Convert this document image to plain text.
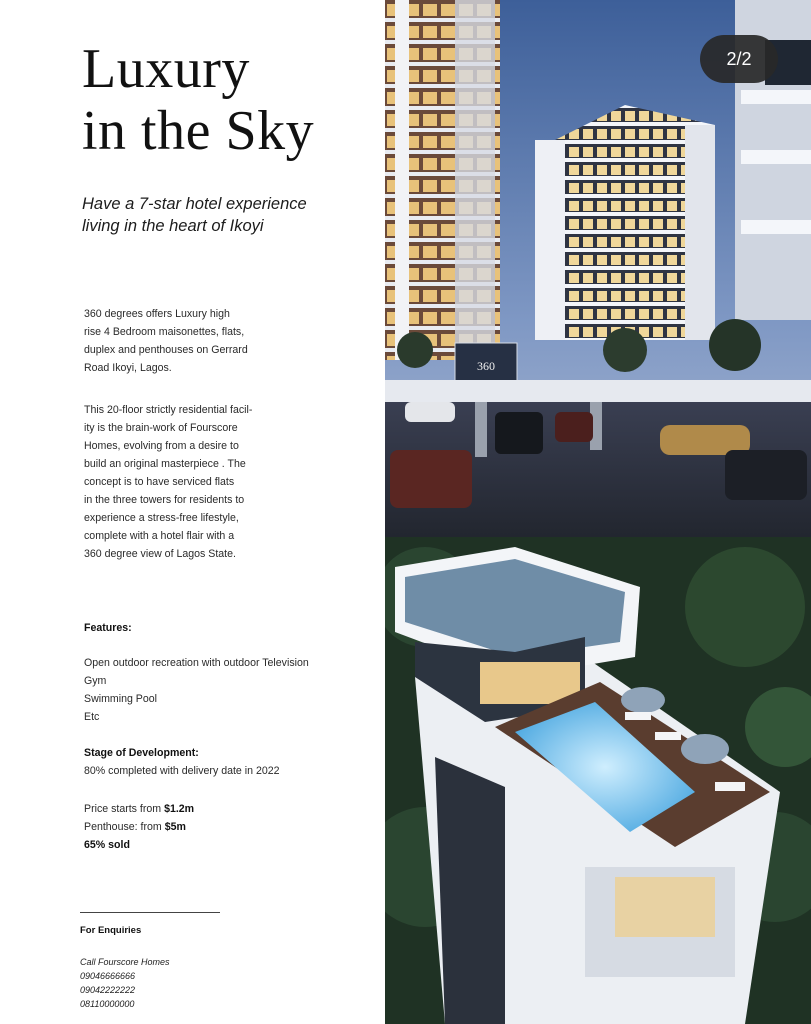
Luxury
in the Sky
Have a 7-star hotel experience
living in the heart of Ikoyi
360 degrees offers Luxury high
rise 4 Bedroom maisonettes, flats,
duplex and penthouses on Gerrard
Road Ikoyi, Lagos.
This 20-floor strictly residential facil-
ity is the brain-work of Fourscore
Homes, evolving from a desire to
build an original masterpiece . The
concept is to have serviced flats
in the three towers for residents to
experience a stress-free lifestyle,
complete with a hotel flair with a
360 degree view of Lagos State.
Features:
Open outdoor recreation with outdoor Television
Gym
Swimming Pool
Etc
Stage of Development:
80% completed with delivery date in 2022
Price starts from $1.2m
Penthouse: from $5m
65% sold
For Enquiries
Call Fourscore Homes
09046666666
09042222222
08110000000
360
2/2
